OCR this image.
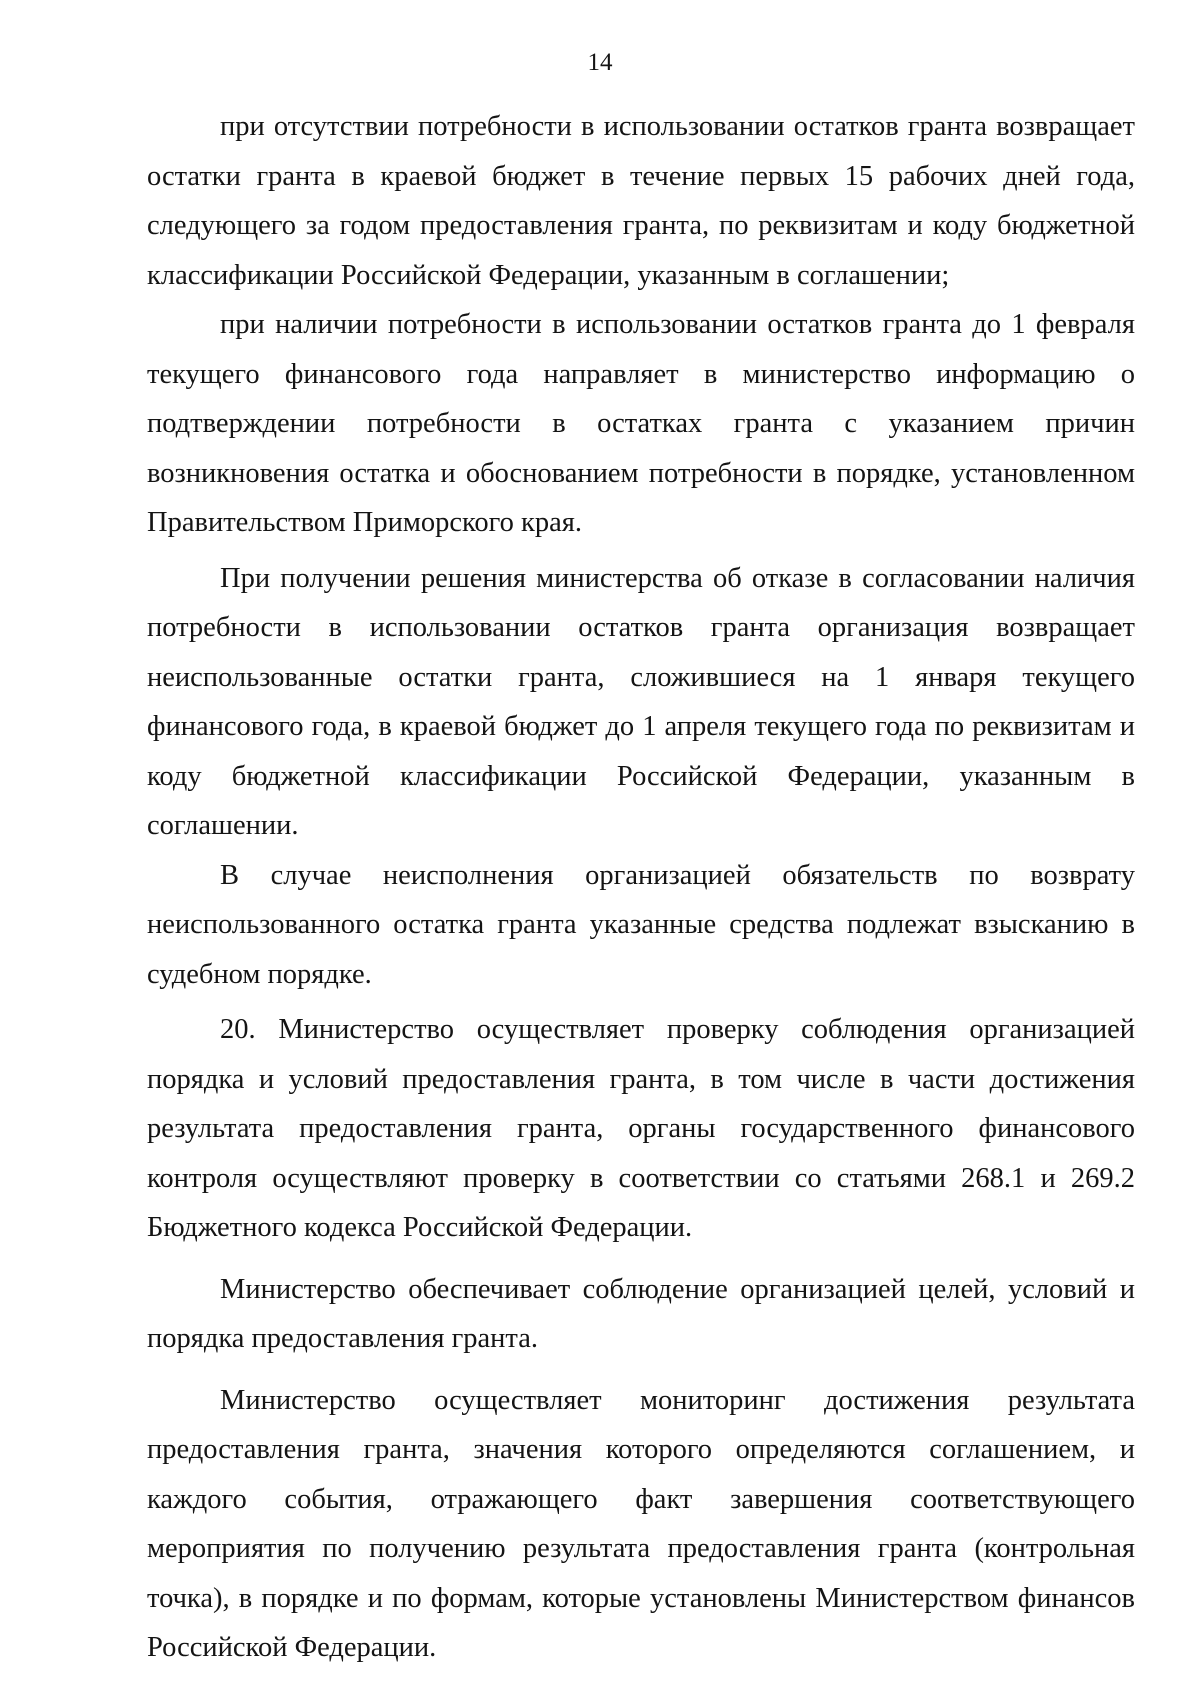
14

при отсутствии потребности в использовании остатков гранта возвращает остатки гранта в краевой бюджет в течение первых 15 рабочих дней года, следующего за годом предоставления гранта, по реквизитам и коду бюджетной классификации Российской Федерации, указанным в соглашении;

при наличии потребности в использовании остатков гранта до 1 февраля текущего финансового года направляет в министерство информацию о подтверждении потребности в остатках гранта с указанием причин возникновения остатка и обоснованием потребности в порядке, установленном Правительством Приморского края.

При получении решения министерства об отказе в согласовании наличия потребности в использовании остатков гранта организация возвращает неиспользованные остатки гранта, сложившиеся на 1 января текущего финансового года, в краевой бюджет до 1 апреля текущего года по реквизитам и коду бюджетной классификации Российской Федерации, указанным в соглашении.

В случае неисполнения организацией обязательств по возврату неиспользованного остатка гранта указанные средства подлежат взысканию в судебном порядке.

20. Министерство осуществляет проверку соблюдения организацией порядка и условий предоставления гранта, в том числе в части достижения результата предоставления гранта, органы государственного финансового контроля осуществляют проверку в соответствии со статьями 268.1 и 269.2 Бюджетного кодекса Российской Федерации.

Министерство обеспечивает соблюдение организацией целей, условий и порядка предоставления гранта.

Министерство осуществляет мониторинг достижения результата предоставления гранта, значения которого определяются соглашением, и каждого события, отражающего факт завершения соответствующего мероприятия по получению результата предоставления гранта (контрольная точка), в порядке и по формам, которые установлены Министерством финансов Российской Федерации.
